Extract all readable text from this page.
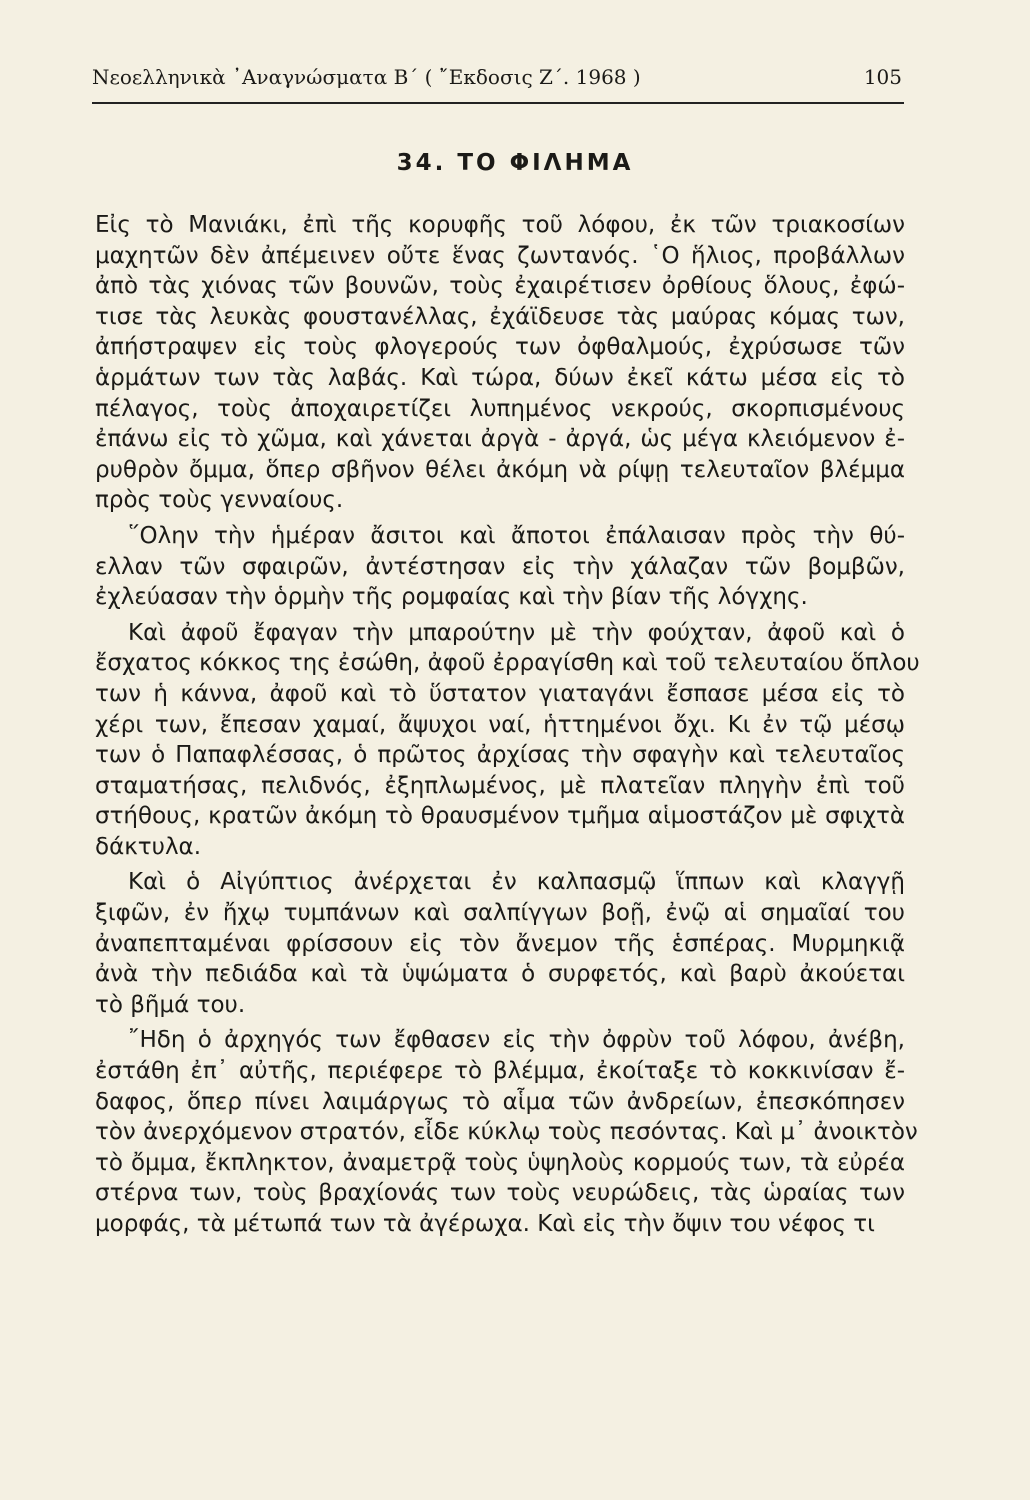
Νεοελληνικὰ ᾿Αναγνώσματα Β΄ ( ῎Εκδοσις Ζ΄. 1968 )	105
34. ΤΟ ΦΙΛΗΜΑ
Εἰς τὸ Μανιάκι, ἐπὶ τῆς κορυφῆς τοῦ λόφου, ἐκ τῶν τριακοσίων
μαχητῶν δὲν ἀπέμεινεν οὔτε ἕνας ζωντανός. ῾Ο ἥλιος, προβάλλων
ἀπὸ τὰς χιόνας τῶν βουνῶν, τοὺς ἐχαιρέτισεν ὀρθίους ὅλους, ἐφώ-
τισε τὰς λευκὰς φουστανέλλας, ἐχάϊδευσε τὰς μαύρας κόμας των,
ἀπήστραψεν εἰς τοὺς φλογερούς των ὀφθαλμούς, ἐχρύσωσε τῶν
ἁρμάτων των τὰς λαβάς. Καὶ τώρα, δύων ἐκεῖ κάτω μέσα εἰς τὸ
πέλαγος, τοὺς ἀποχαιρετίζει λυπημένος νεκρούς, σκορπισμένους
ἐπάνω εἰς τὸ χῶμα, καὶ χάνεται ἀργὰ - ἀργά, ὡς μέγα κλειόμενον ἐ-
ρυθρὸν ὄμμα, ὅπερ σβῆνον θέλει ἀκόμη νὰ ρίψῃ τελευταῖον βλέμμα
πρὸς τοὺς γενναίους.
῞Ολην τὴν ἡμέραν ἄσιτοι καὶ ἄποτοι ἐπάλαισαν πρὸς τὴν θύ-
ελλαν τῶν σφαιρῶν, ἀντέστησαν εἰς τὴν χάλαζαν τῶν βομβῶν,
ἐχλεύασαν τὴν ὁρμὴν τῆς ρομφαίας καὶ τὴν βίαν τῆς λόγχης.
Καὶ ἀφοῦ ἔφαγαν τὴν μπαρούτην μὲ τὴν φούχταν, ἀφοῦ καὶ ὁ
ἔσχατος κόκκος της ἐσώθη, ἀφοῦ ἐρραγίσθη καὶ τοῦ τελευταίου ὅπλου
των ἡ κάννα, ἀφοῦ καὶ τὸ ὕστατον γιαταγάνι ἔσπασε μέσα εἰς τὸ
χέρι των, ἔπεσαν χαμαί, ἄψυχοι ναί, ἡττημένοι ὄχι. Κι ἐν τῷ μέσῳ
των ὁ Παπαφλέσσας, ὁ πρῶτος ἀρχίσας τὴν σφαγὴν καὶ τελευταῖος
σταματήσας, πελιδνός, ἐξηπλωμένος, μὲ πλατεῖαν πληγὴν ἐπὶ τοῦ
στήθους, κρατῶν ἀκόμη τὸ θραυσμένον τμῆμα αἱμοστάζον μὲ σφιχτὰ
δάκτυλα.
Καὶ ὁ Αἰγύπτιος ἀνέρχεται ἐν καλπασμῷ ἵππων καὶ κλαγγῇ
ξιφῶν, ἐν ἤχῳ τυμπάνων καὶ σαλπίγγων βοῇ, ἐνῷ αἱ σημαῖαί του
ἀναπεπταμέναι φρίσσουν εἰς τὸν ἄνεμον τῆς ἑσπέρας. Μυρμηκιᾷ
ἀνὰ τὴν πεδιάδα καὶ τὰ ὑψώματα ὁ συρφετός, καὶ βαρὺ ἀκούεται
τὸ βῆμά του.
῎Ηδη ὁ ἀρχηγός των ἔφθασεν εἰς τὴν ὀφρὺν τοῦ λόφου, ἀνέβη,
ἐστάθη ἐπ᾿ αὐτῆς, περιέφερε τὸ βλέμμα, ἐκοίταξε τὸ κοκκινίσαν ἔ-
δαφος, ὅπερ πίνει λαιμάργως τὸ αἷμα τῶν ἀνδρείων, ἐπεσκόπησεν
τὸν ἀνερχόμενον στρατόν, εἶδε κύκλῳ τοὺς πεσόντας. Καὶ μ᾿ ἀνοικτὸν
τὸ ὄμμα, ἔκπληκτον, ἀναμετρᾷ τοὺς ὑψηλοὺς κορμούς των, τὰ εὐρέα
στέρνα των, τοὺς βραχίονάς των τοὺς νευρώδεις, τὰς ὡραίας των
μορφάς, τὰ μέτωπά των τὰ ἀγέρωχα. Καὶ εἰς τὴν ὄψιν του νέφος τι
